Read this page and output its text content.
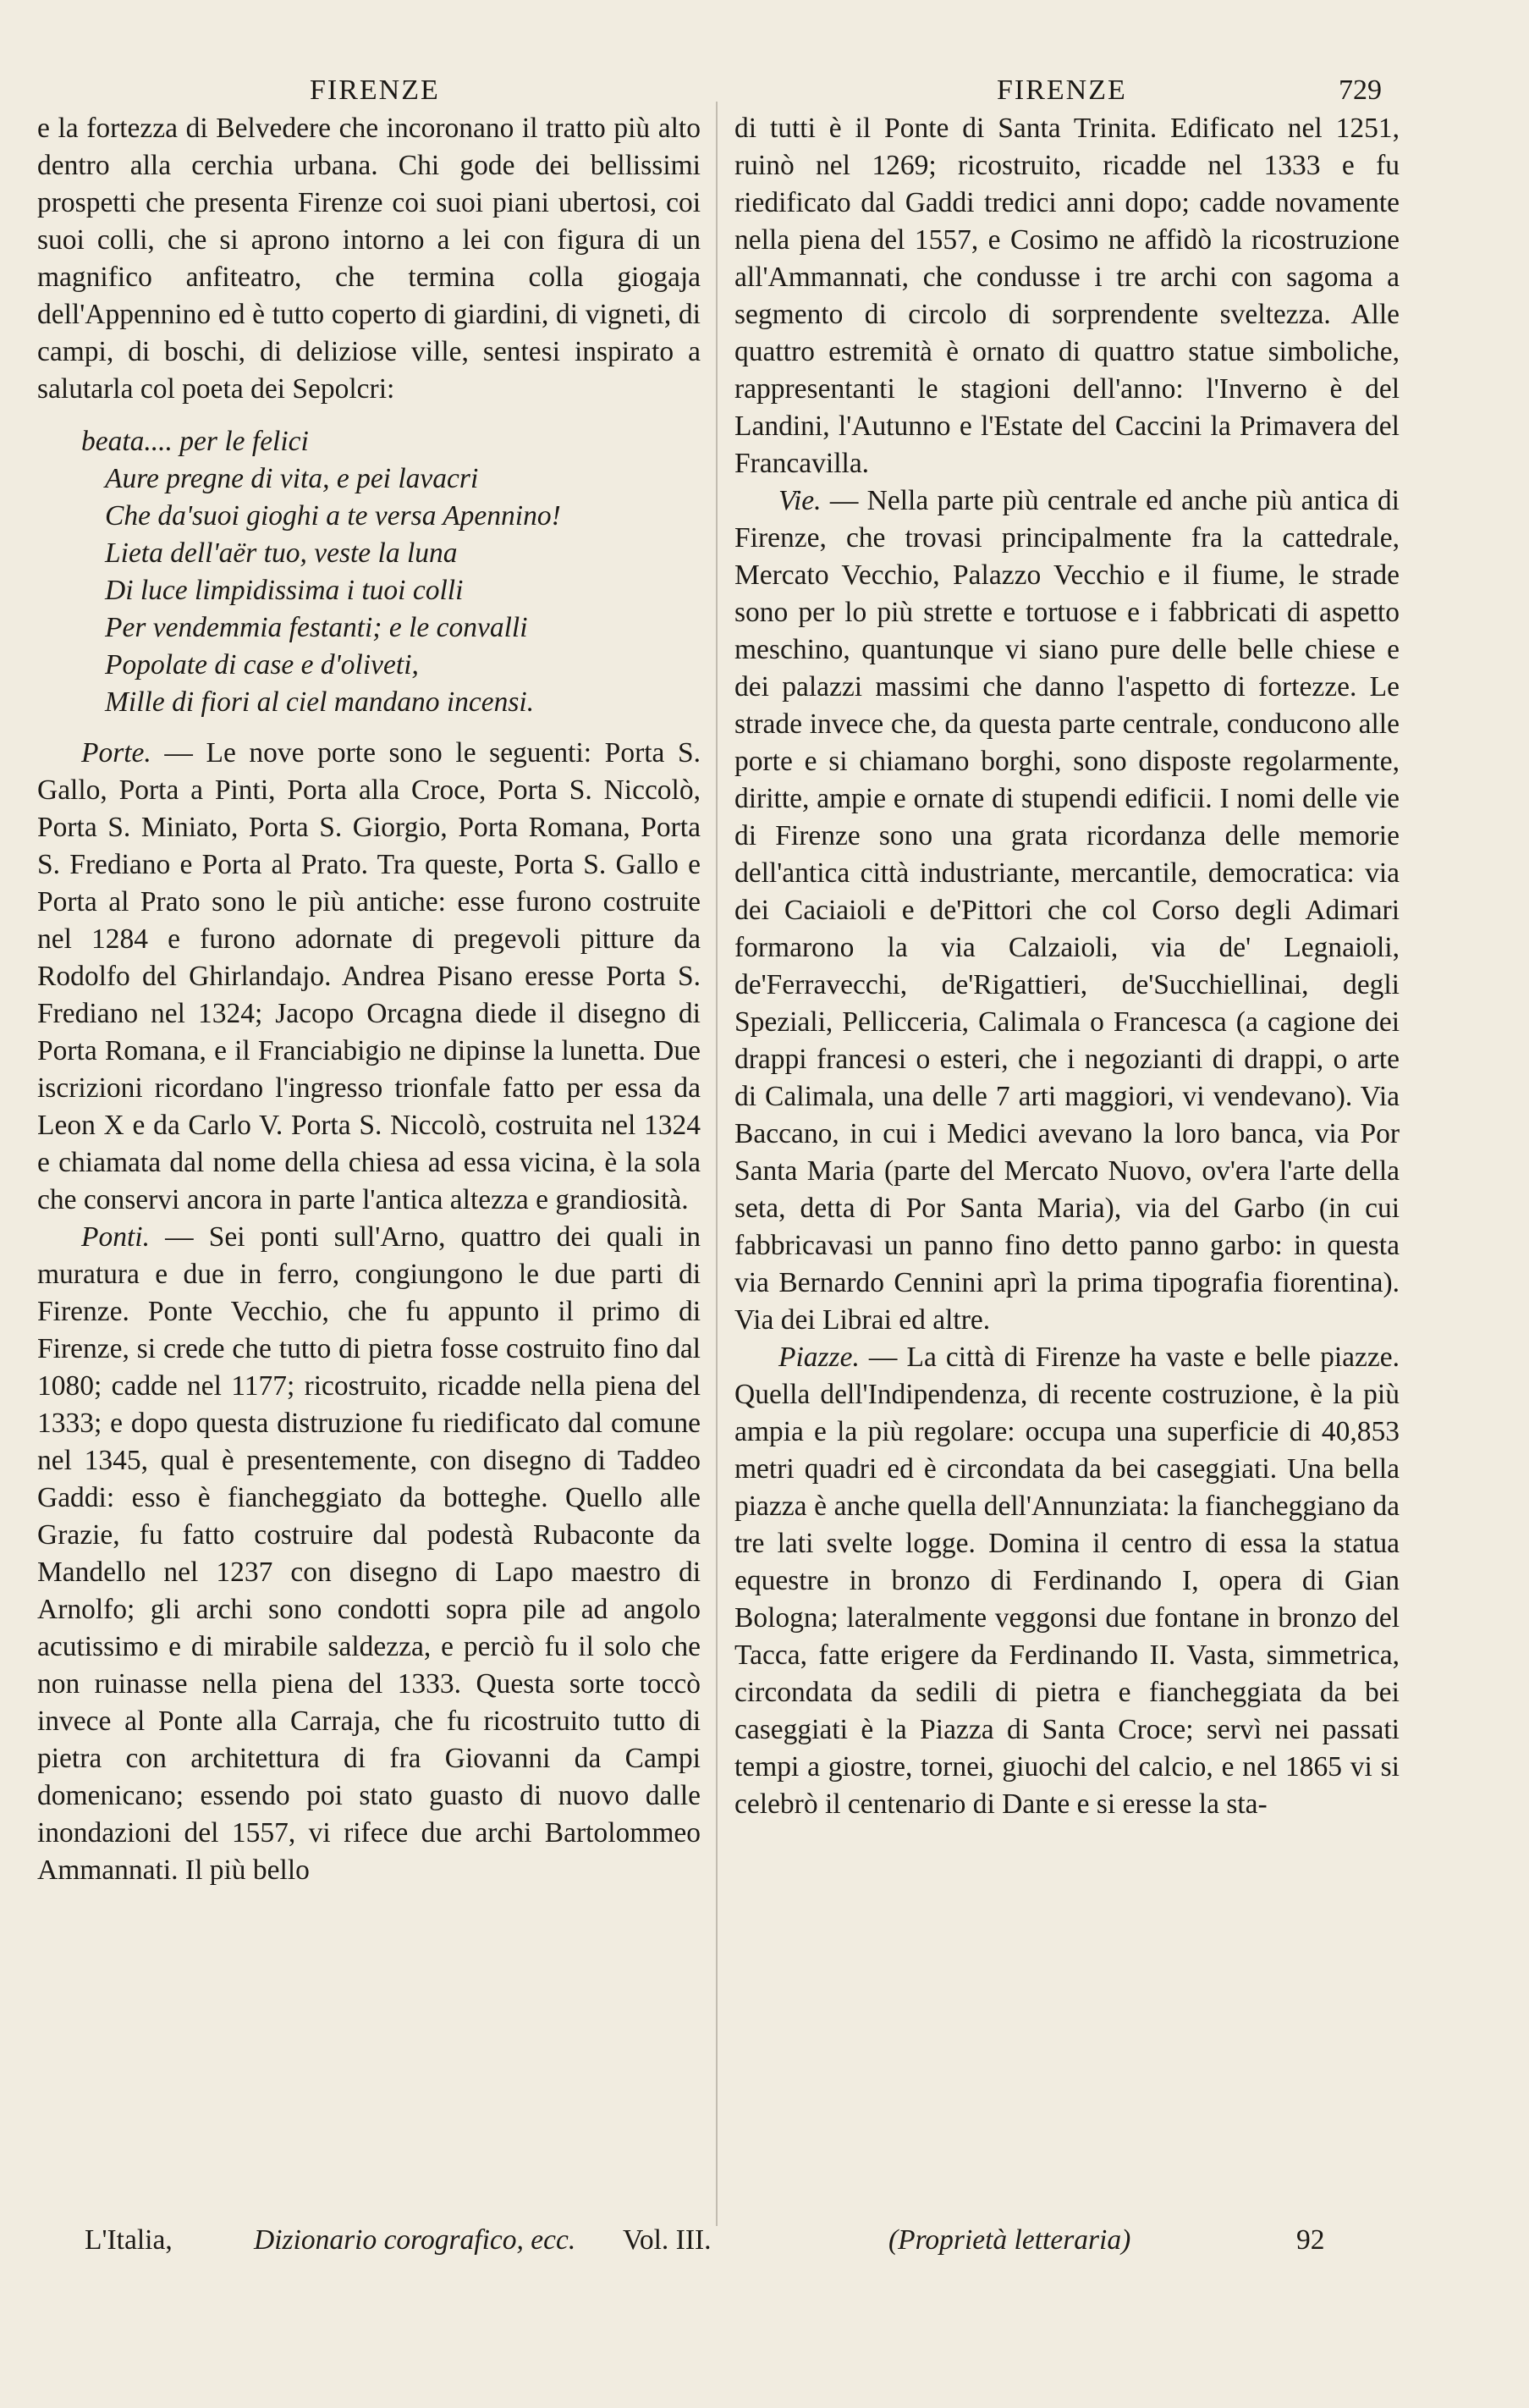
FIRENZE	FIRENZE	729

e la fortezza di Belvedere che incoronano il tratto più alto dentro alla cerchia urbana. Chi gode dei bellissimi prospetti che presenta Firenze coi suoi piani ubertosi, coi suoi colli, che si aprono intorno a lei con figura di un magnifico anfiteatro, che termina colla giogaja dell'Appennino ed è tutto coperto di giardini, di vigneti, di campi, di boschi, di deliziose ville, sentesi inspirato a salutarla col poeta dei Sepolcri:

beata.... per le felici
Aure pregne di vita, e pei lavacri
Che da'suoi gioghi a te versa Apennino!
Lieta dell'aër tuo, veste la luna
Di luce limpidissima i tuoi colli
Per vendemmia festanti; e le convalli
Popolate di case e d'oliveti,
Mille di fiori al ciel mandano incensi.

Porte. — Le nove porte sono le seguenti: Porta S. Gallo, Porta a Pinti, Porta alla Croce, Porta S. Niccolò, Porta S. Miniato, Porta S. Giorgio, Porta Romana, Porta S. Frediano e Porta al Prato. Tra queste, Porta S. Gallo e Porta al Prato sono le più antiche: esse furono costruite nel 1284 e furono adornate di pregevoli pitture da Rodolfo del Ghirlandajo. Andrea Pisano eresse Porta S. Frediano nel 1324; Jacopo Orcagna diede il disegno di Porta Romana, e il Franciabigio ne dipinse la lunetta. Due iscrizioni ricordano l'ingresso trionfale fatto per essa da Leon X e da Carlo V. Porta S. Niccolò, costruita nel 1324 e chiamata dal nome della chiesa ad essa vicina, è la sola che conservi ancora in parte l'antica altezza e grandiosità.

Ponti. — Sei ponti sull'Arno, quattro dei quali in muratura e due in ferro, congiungono le due parti di Firenze. Ponte Vecchio, che fu appunto il primo di Firenze, si crede che tutto di pietra fosse costruito fino dal 1080; cadde nel 1177; ricostruito, ricadde nella piena del 1333; e dopo questa distruzione fu riedificato dal comune nel 1345, qual è presentemente, con disegno di Taddeo Gaddi: esso è fiancheggiato da botteghe. Quello alle Grazie, fu fatto costruire dal podestà Rubaconte da Mandello nel 1237 con disegno di Lapo maestro di Arnolfo; gli archi sono condotti sopra pile ad angolo acutissimo e di mirabile saldezza, e perciò fu il solo che non ruinasse nella piena del 1333. Questa sorte toccò invece al Ponte alla Carraja, che fu ricostruito tutto di pietra con architettura di fra Giovanni da Campi domenicano; essendo poi stato guasto di nuovo dalle inondazioni del 1557, vi rifece due archi Bartolommeo Ammannati. Il più bello

di tutti è il Ponte di Santa Trinita. Edificato nel 1251, ruinò nel 1269; ricostruito, ricadde nel 1333 e fu riedificato dal Gaddi tredici anni dopo; cadde novamente nella piena del 1557, e Cosimo ne affidò la ricostruzione all'Ammannati, che condusse i tre archi con sagoma a segmento di circolo di sorprendente sveltezza. Alle quattro estremità è ornato di quattro statue simboliche, rappresentanti le stagioni dell'anno: l'Inverno è del Landini, l'Autunno e l'Estate del Caccini la Primavera del Francavilla.

Vie. — Nella parte più centrale ed anche più antica di Firenze, che trovasi principalmente fra la cattedrale, Mercato Vecchio, Palazzo Vecchio e il fiume, le strade sono per lo più strette e tortuose e i fabbricati di aspetto meschino, quantunque vi siano pure delle belle chiese e dei palazzi massimi che danno l'aspetto di fortezze. Le strade invece che, da questa parte centrale, conducono alle porte e si chiamano borghi, sono disposte regolarmente, diritte, ampie e ornate di stupendi edificii. I nomi delle vie di Firenze sono una grata ricordanza delle memorie dell'antica città industriante, mercantile, democratica: via dei Caciaioli e de'Pittori che col Corso degli Adimari formarono la via Calzaioli, via de' Legnaioli, de'Ferravecchi, de'Rigattieri, de'Succhiellinai, degli Speziali, Pellicceria, Calimala o Francesca (a cagione dei drappi francesi o esteri, che i negozianti di drappi, o arte di Calimala, una delle 7 arti maggiori, vi vendevano). Via Baccano, in cui i Medici avevano la loro banca, via Por Santa Maria (parte del Mercato Nuovo, ov'era l'arte della seta, detta di Por Santa Maria), via del Garbo (in cui fabbricavasi un panno fino detto panno garbo: in questa via Bernardo Cennini aprì la prima tipografia fiorentina). Via dei Librai ed altre.

Piazze. — La città di Firenze ha vaste e belle piazze. Quella dell'Indipendenza, di recente costruzione, è la più ampia e la più regolare: occupa una superficie di 40,853 metri quadri ed è circondata da bei caseggiati. Una bella piazza è anche quella dell'Annunziata: la fiancheggiano da tre lati svelte logge. Domina il centro di essa la statua equestre in bronzo di Ferdinando I, opera di Gian Bologna; lateralmente veggonsi due fontane in bronzo del Tacca, fatte erigere da Ferdinando II. Vasta, simmetrica, circondata da sedili di pietra e fiancheggiata da bei caseggiati è la Piazza di Santa Croce; servì nei passati tempi a giostre, tornei, giuochi del calcio, e nel 1865 vi si celebrò il centenario di Dante e si eresse la sta-

L'Italia,	Dizionario corografico, ecc. Vol. III.	(Proprietà letteraria)	92
